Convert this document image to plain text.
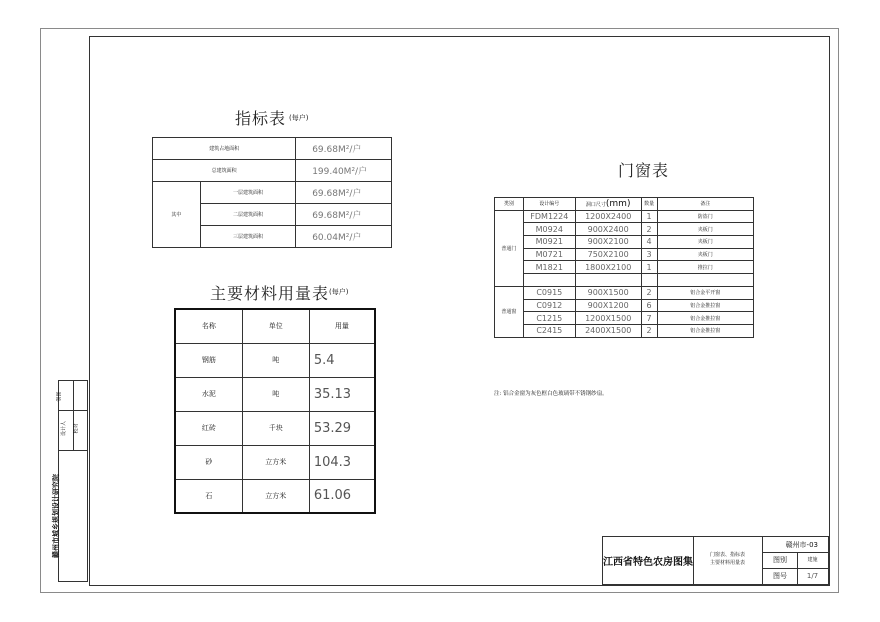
制图
设计人 校对
赣州市城乡规划设计研究院
指标表 (每户)
建筑占地面积		69.68M²/户
总建筑面积		199.40M²/户
其中	一层建筑面积	69.68M²/户
	二层建筑面积	69.68M²/户
	三层建筑面积	60.04M²/户
主要材料用量表 (每户)
名称	单位	用量
钢筋	吨	5.4
水泥	吨	35.13
红砖	千块	53.29
砂	立方米	104.3
石	立方米	61.06
门窗表
类别	设计编号	洞口尺寸(mm)	数量	备注
普通门	FDM1224	1200X2400	1	防盗门
	M0924	900X2400	2	夹板门
	M0921	900X2100	4	夹板门
	M0721	750X2100	3	夹板门
	M1821	1800X2100	1	推拉门

普通窗	C0915	900X1500	2	铝合金平开窗
	C0912	900X1200	6	铝合金推拉窗
	C1215	1200X1500	7	铝合金推拉窗
	C2415	2400X1500	2	铝合金推拉窗
注: 铝合金窗为灰色框白色玻璃带不锈钢纱扇。
江西省特色农房图集
门窗表、指标表
主要材料用量表
赣州市-03
图别	建施
图号	1/7
